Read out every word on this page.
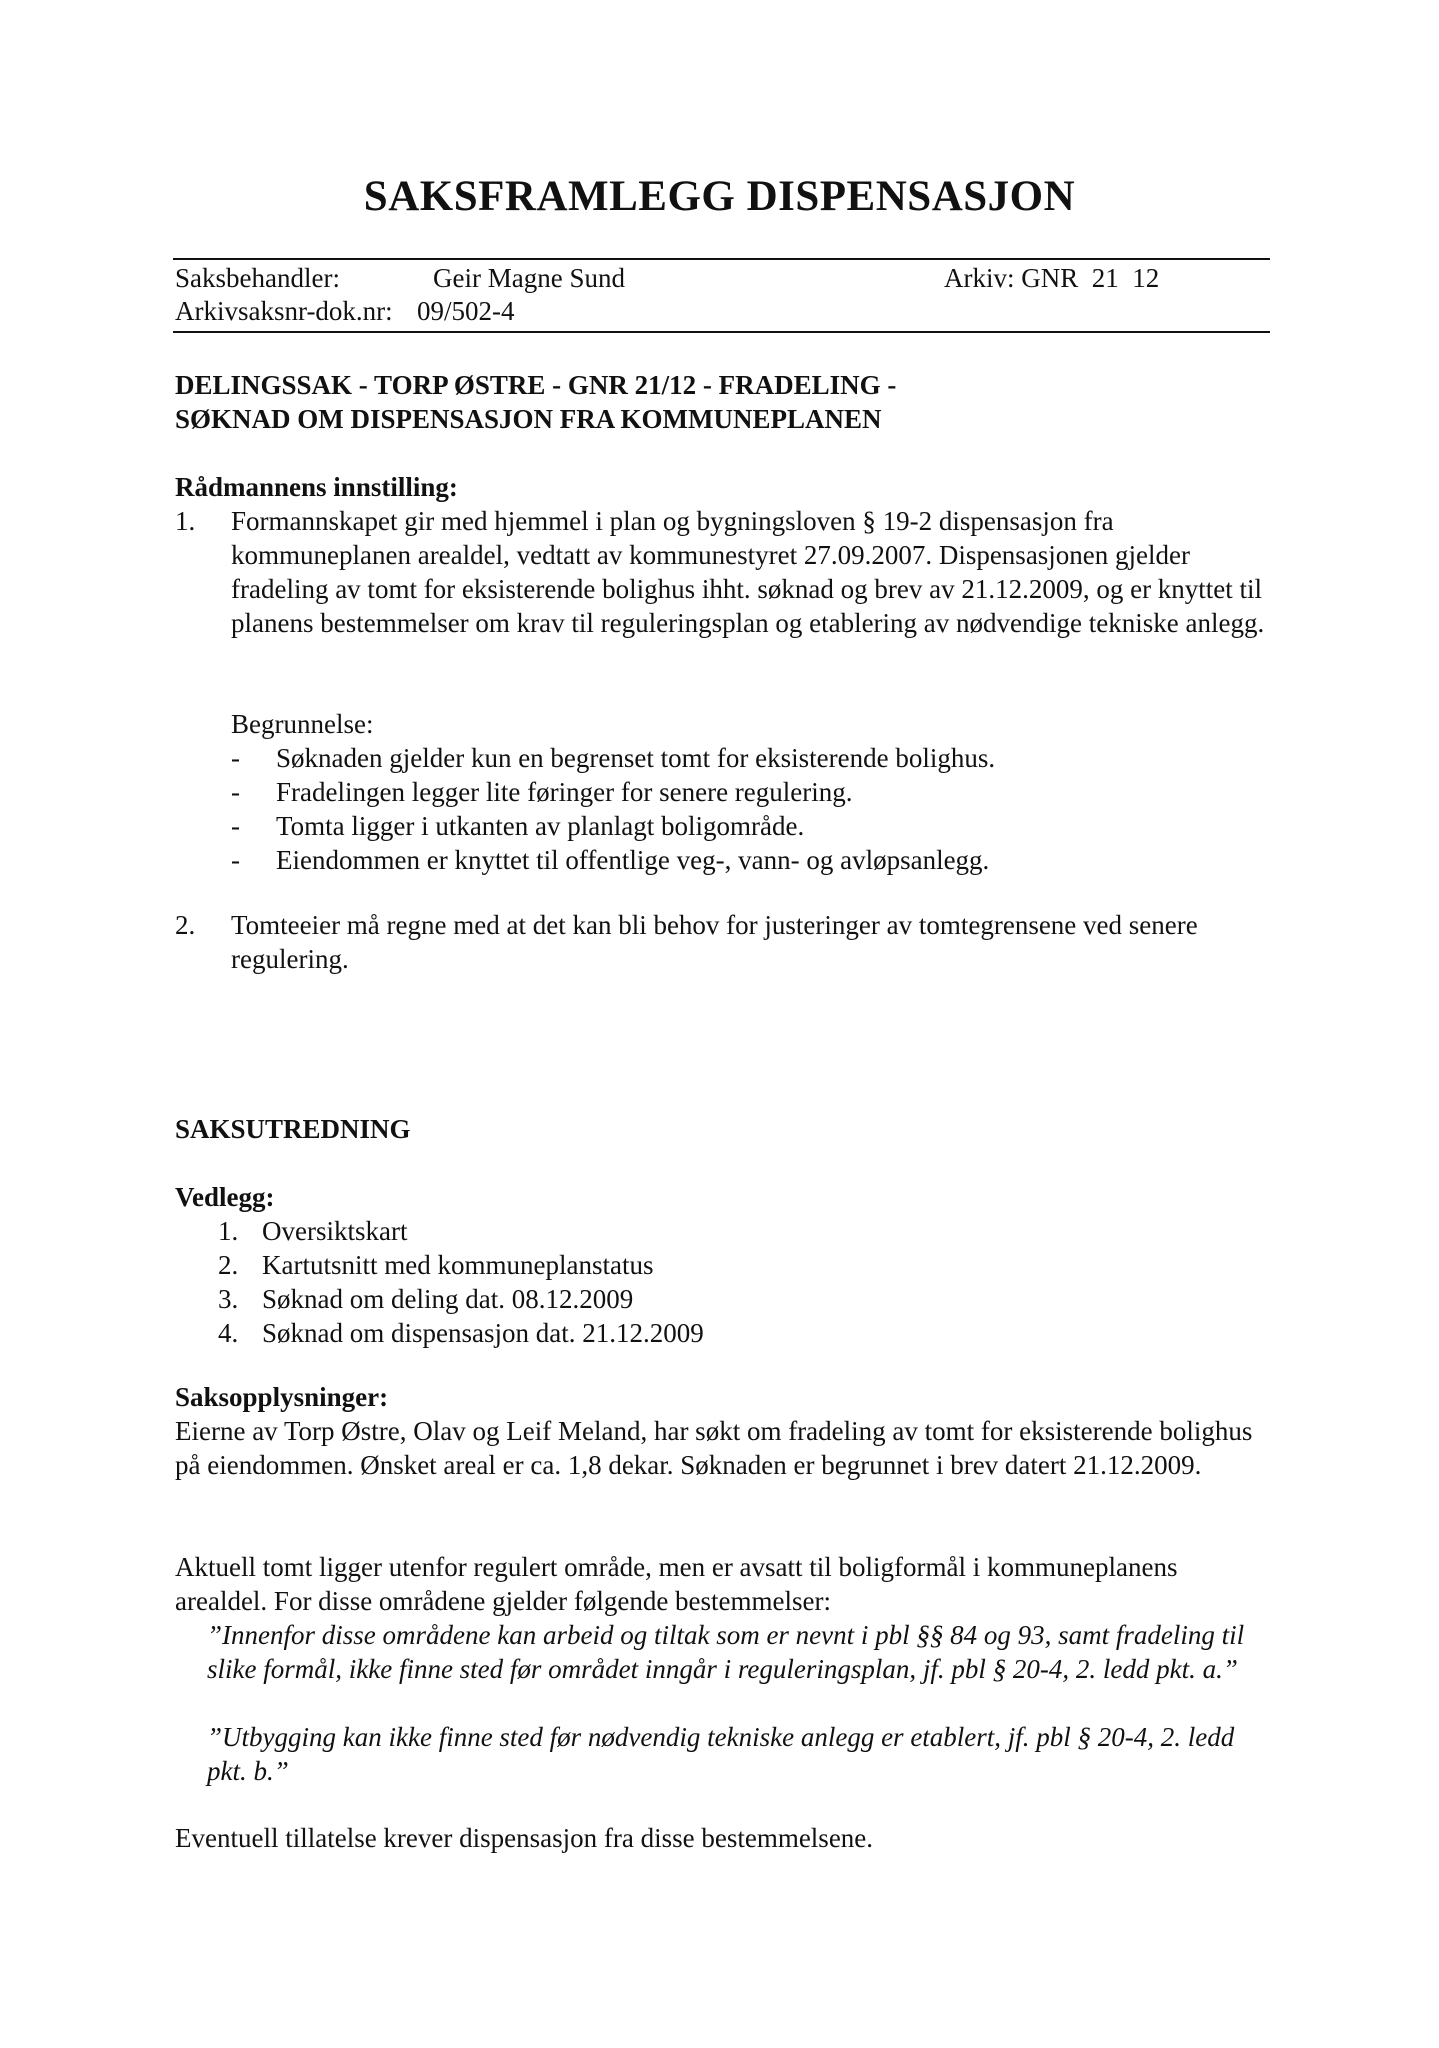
SAKSFRAMLEGG DISPENSASJON
Saksbehandler:	Geir Magne Sund	Arkiv: GNR  21  12
Arkivsaksnr-dok.nr: 09/502-4
DELINGSSAK - TORP ØSTRE - GNR 21/12 - FRADELING -
SØKNAD OM DISPENSASJON FRA KOMMUNEPLANEN
Rådmannens innstilling:
1.	Formannskapet gir med hjemmel i plan og bygningsloven § 19-2 dispensasjon fra kommuneplanen arealdel, vedtatt av kommunestyret 27.09.2007. Dispensasjonen gjelder fradeling av tomt for eksisterende bolighus ihht. søknad og brev av 21.12.2009, og er knyttet til planens bestemmelser om krav til reguleringsplan og etablering av nødvendige tekniske anlegg.
Begrunnelse:
- Søknaden gjelder kun en begrenset tomt for eksisterende bolighus.
- Fradelingen legger lite føringer for senere regulering.
- Tomta ligger i utkanten av planlagt boligområde.
- Eiendommen er knyttet til offentlige veg-, vann- og avløpsanlegg.
2.	Tomteeier må regne med at det kan bli behov for justeringer av tomtegrensene ved senere regulering.
SAKSUTREDNING
Vedlegg:
1. Oversiktskart
2. Kartutsnitt med kommuneplanstatus
3. Søknad om deling dat. 08.12.2009
4. Søknad om dispensasjon dat. 21.12.2009
Saksopplysninger:
Eierne av Torp Østre, Olav og Leif Meland, har søkt om fradeling av tomt for eksisterende bolighus på eiendommen. Ønsket areal er ca. 1,8 dekar. Søknaden er begrunnet i brev datert 21.12.2009.
Aktuell tomt ligger utenfor regulert område, men er avsatt til boligformål i kommuneplanens arealdel. For disse områdene gjelder følgende bestemmelser:
”Innenfor disse områdene kan arbeid og tiltak som er nevnt i pbl §§ 84 og 93, samt fradeling til slike formål, ikke finne sted før området inngår i reguleringsplan, jf. pbl § 20-4, 2. ledd pkt. a.”
”Utbygging kan ikke finne sted før nødvendig tekniske anlegg er etablert, jf. pbl § 20-4, 2. ledd pkt. b.”
Eventuell tillatelse krever dispensasjon fra disse bestemmelsene.
